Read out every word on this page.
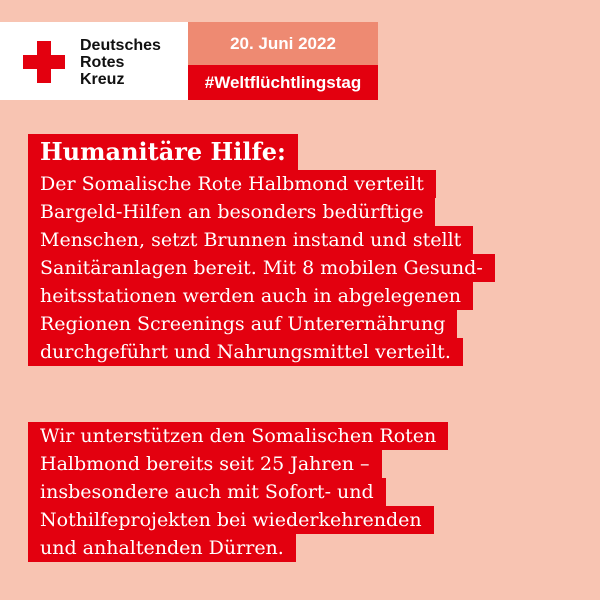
Deutsches
Rotes
Kreuz
20. Juni 2022
#Weltflüchtlingstag
Humanitäre Hilfe:
Der Somalische Rote Halbmond verteilt
Bargeld-Hilfen an besonders bedürftige
Menschen, setzt Brunnen instand und stellt
Sanitäranlagen bereit. Mit 8 mobilen Gesund-
heitsstationen werden auch in abgelegenen
Regionen Screenings auf Unterernährung
durchgeführt und Nahrungsmittel verteilt.
Wir unterstützen den Somalischen Roten
Halbmond bereits seit 25 Jahren –
insbesondere auch mit Sofort- und
Nothilfeprojekten bei wiederkehrenden
und anhaltenden Dürren.
